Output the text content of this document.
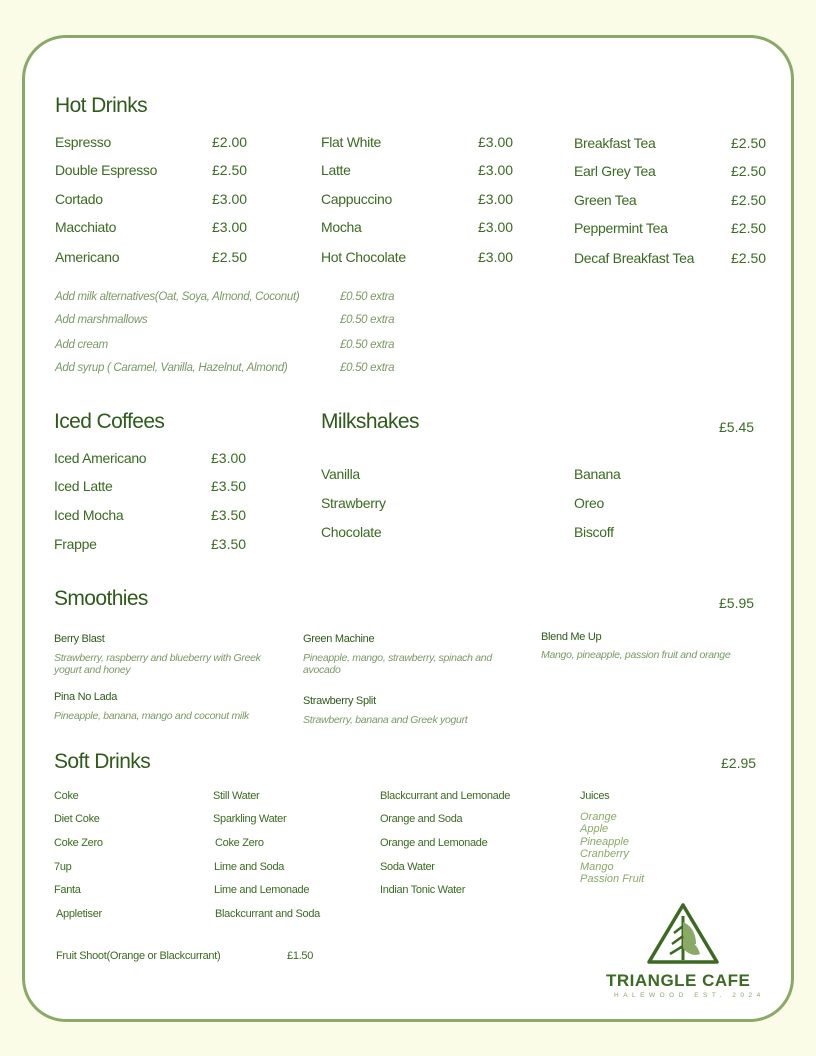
Hot Drinks
Espresso	£2.00
Double Espresso	£2.50
Cortado	£3.00
Macchiato	£3.00
Americano	£2.50
Flat White	£3.00
Latte	£3.00
Cappuccino	£3.00
Mocha	£3.00
Hot Chocolate	£3.00
Breakfast Tea	£2.50
Earl Grey Tea	£2.50
Green Tea	£2.50
Peppermint Tea	£2.50
Decaf Breakfast Tea	£2.50
Add milk alternatives(Oat, Soya, Almond, Coconut)	£0.50 extra
Add marshmallows	£0.50 extra
Add cream	£0.50 extra
Add syrup ( Caramel, Vanilla, Hazelnut, Almond)	£0.50 extra
Iced Coffees
Iced Americano	£3.00
Iced Latte	£3.50
Iced Mocha	£3.50
Frappe	£3.50
Milkshakes	£5.45
Vanilla
Strawberry
Chocolate
Banana
Oreo
Biscoff
Smoothies	£5.95
Berry Blast
Strawberry, raspberry and blueberry with Greek yogurt and honey
Green Machine
Pineapple, mango, strawberry, spinach and avocado
Blend Me Up
Mango, pineapple, passion fruit and orange
Pina No Lada
Pineapple, banana, mango and coconut milk
Strawberry Split
Strawberry, banana and Greek yogurt
Soft Drinks	£2.95
Coke
Diet Coke
Coke Zero
7up
Fanta
Appletiser
Still Water
Sparkling Water
Coke Zero
Lime and Soda
Lime and Lemonade
Blackcurrant and Soda
Blackcurrant and Lemonade
Orange and Soda
Orange and Lemonade
Soda Water
Indian Tonic Water
Juices
Orange
Apple
Pineapple
Cranberry
Mango
Passion Fruit
Fruit Shoot(Orange or Blackcurrant)	£1.50
TRIANGLE CAFE
HALEWOOD EST. 2024
